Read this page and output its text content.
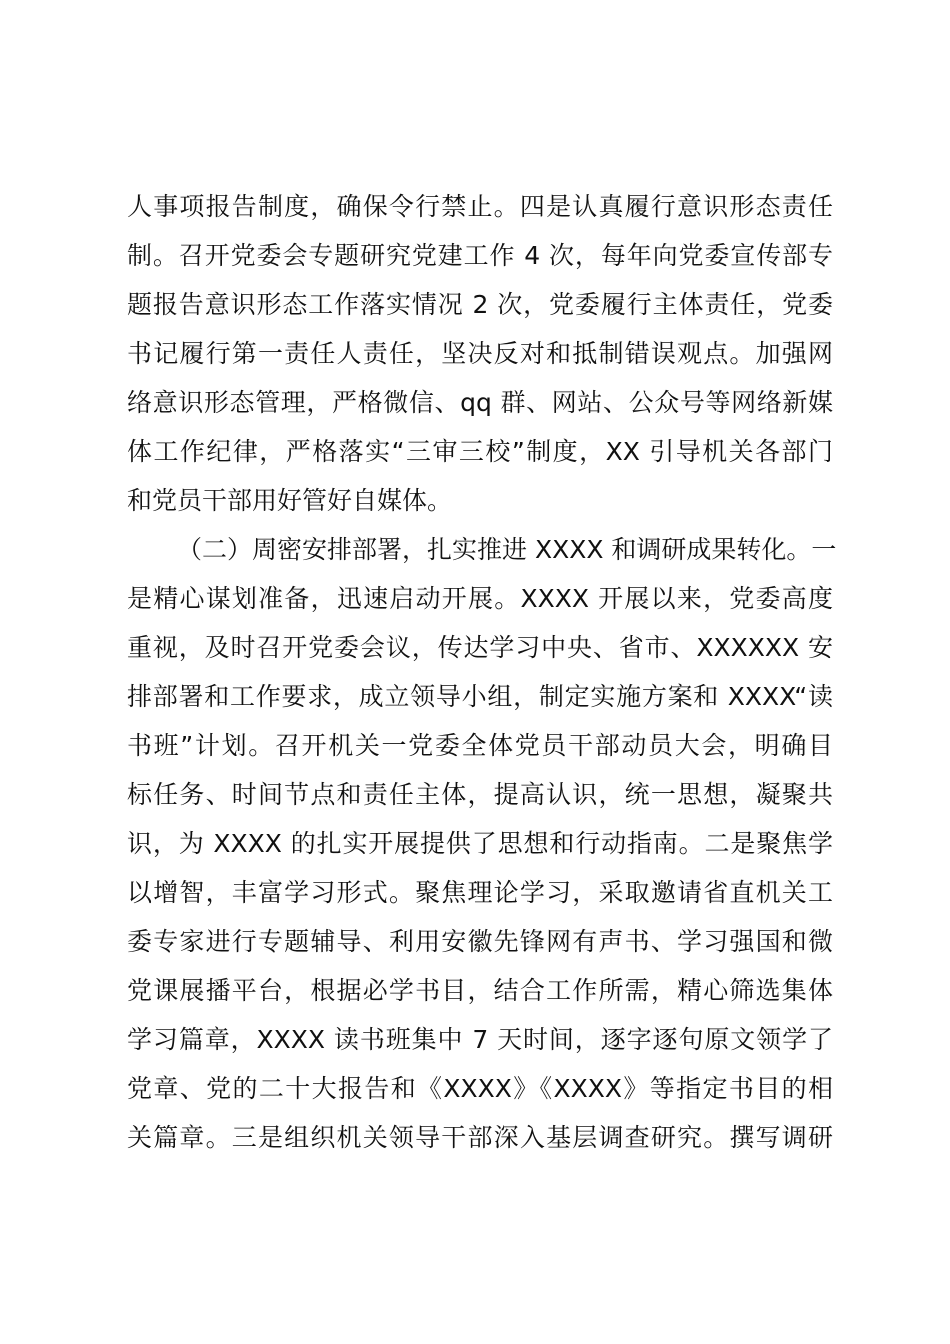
人事项报告制度，确保令行禁止。四是认真履行意识形态责任
制。召开党委会专题研究党建工作 4 次，每年向党委宣传部专
题报告意识形态工作落实情况 2 次，党委履行主体责任，党委
书记履行第一责任人责任，坚决反对和抵制错误观点。加强网
络意识形态管理，严格微信、qq 群、网站、公众号等网络新媒
体工作纪律，严格落实“三审三校”制度，XX 引导机关各部门
和党员干部用好管好自媒体。
（二）周密安排部署，扎实推进 XXXX 和调研成果转化。一
是精心谋划准备，迅速启动开展。XXXX 开展以来，党委高度
重视，及时召开党委会议，传达学习中央、省市、XXXXXX 安
排部署和工作要求，成立领导小组，制定实施方案和 XXXX“读
书班”计划。召开机关一党委全体党员干部动员大会，明确目
标任务、时间节点和责任主体，提高认识，统一思想，凝聚共
识，为 XXXX 的扎实开展提供了思想和行动指南。二是聚焦学
以增智，丰富学习形式。聚焦理论学习，采取邀请省直机关工
委专家进行专题辅导、利用安徽先锋网有声书、学习强国和微
党课展播平台，根据必学书目，结合工作所需，精心筛选集体
学习篇章，XXXX 读书班集中 7 天时间，逐字逐句原文领学了
党章、党的二十大报告和《XXXX》《XXXX》等指定书目的相
关篇章。三是组织机关领导干部深入基层调查研究。撰写调研
